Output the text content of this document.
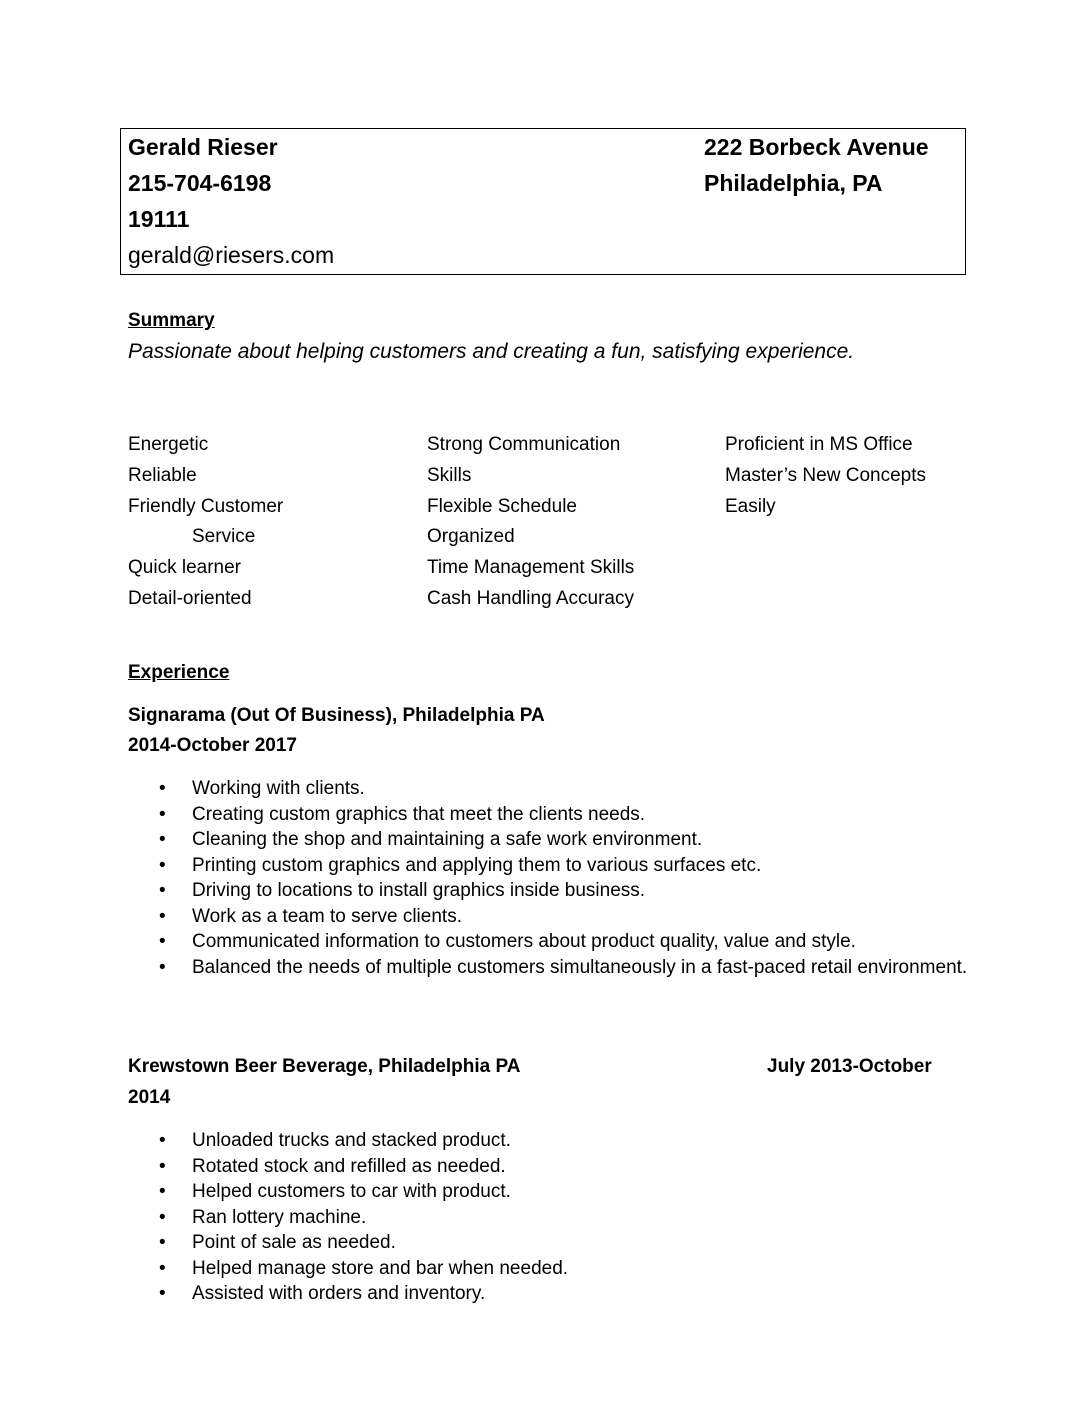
Gerald Rieser
215-704-6198
19111
gerald@riesers.com
222 Borbeck Avenue
Philadelphia, PA
Summary
Passionate about helping customers and creating a fun, satisfying experience.
Energetic
Reliable
Friendly Customer
Service
Quick learner
Detail-oriented
Strong Communication
Skills
Flexible Schedule
Organized
Time Management Skills
Cash Handling Accuracy
Proficient in MS Office
Master’s New Concepts
Easily
Experience
Signarama (Out Of Business), Philadelphia PA
2014-October 2017
• Working with clients.
• Creating custom graphics that meet the clients needs.
• Cleaning the shop and maintaining a safe work environment.
• Printing custom graphics and applying them to various surfaces etc.
• Driving to locations to install graphics inside business.
• Work as a team to serve clients.
• Communicated information to customers about product quality, value and style.
• Balanced the needs of multiple customers simultaneously in a fast-paced retail environment.
Krewstown Beer Beverage, Philadelphia PA	July 2013-October
2014
• Unloaded trucks and stacked product.
• Rotated stock and refilled as needed.
• Helped customers to car with product.
• Ran lottery machine.
• Point of sale as needed.
• Helped manage store and bar when needed.
• Assisted with orders and inventory.
